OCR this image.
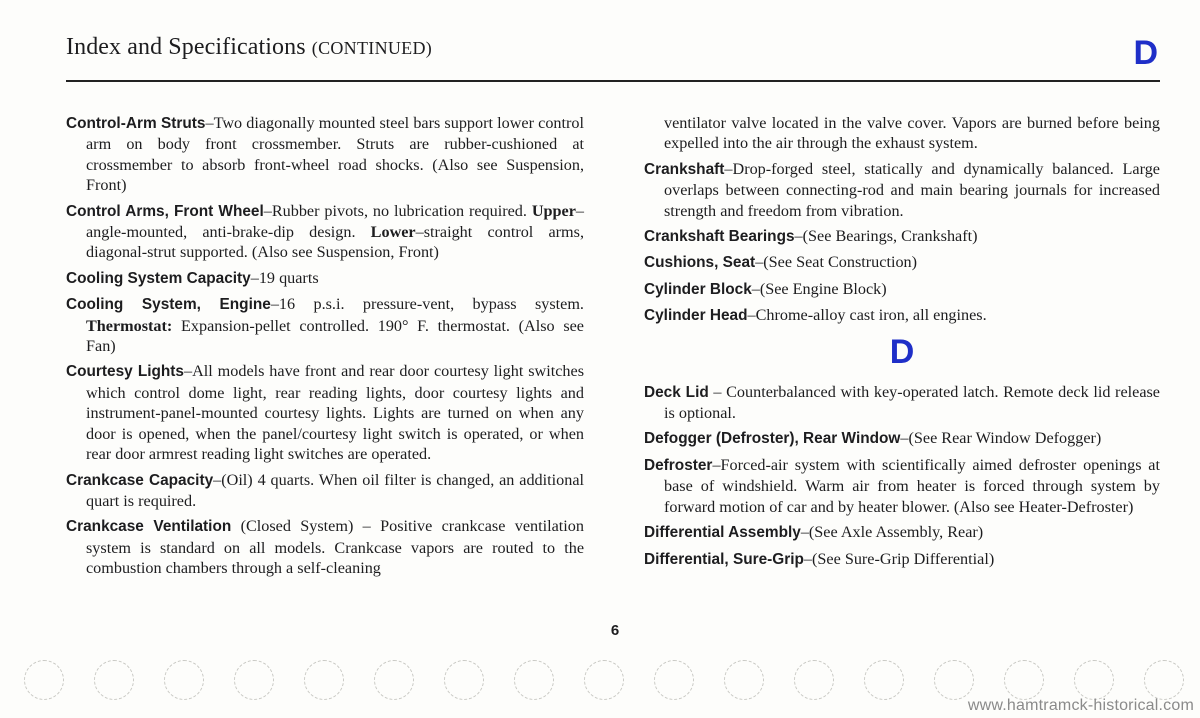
Index and Specifications (CONTINUED)	D

Control-Arm Struts–Two diagonally mounted steel bars support lower control arm on body front crossmember. Struts are rubber-cushioned at crossmember to absorb front-wheel road shocks. (Also see Suspension, Front)

Control Arms, Front Wheel–Rubber pivots, no lubrication required. Upper–angle-mounted, anti-brake-dip design. Lower–straight control arms, diagonal-strut supported. (Also see Suspension, Front)

Cooling System Capacity–19 quarts

Cooling System, Engine–16 p.s.i. pressure-vent, bypass system. Thermostat: Expansion-pellet controlled. 190° F. thermostat. (Also see Fan)

Courtesy Lights–All models have front and rear door courtesy light switches which control dome light, rear reading lights, door courtesy lights and instrument-panel-mounted courtesy lights. Lights are turned on when any door is opened, when the panel/courtesy light switch is operated, or when rear door armrest reading light switches are operated.

Crankcase Capacity–(Oil) 4 quarts. When oil filter is changed, an additional quart is required.

Crankcase Ventilation (Closed System) – Positive crankcase ventilation system is standard on all models. Crankcase vapors are routed to the combustion chambers through a self-cleaning

ventilator valve located in the valve cover. Vapors are burned before being expelled into the air through the exhaust system.

Crankshaft–Drop-forged steel, statically and dynamically balanced. Large overlaps between connecting-rod and main bearing journals for increased strength and freedom from vibration.

Crankshaft Bearings–(See Bearings, Crankshaft)

Cushions, Seat–(See Seat Construction)

Cylinder Block–(See Engine Block)

Cylinder Head–Chrome-alloy cast iron, all engines.

D

Deck Lid – Counterbalanced with key-operated latch. Remote deck lid release is optional.

Defogger (Defroster), Rear Window–(See Rear Window Defogger)

Defroster–Forced-air system with scientifically aimed defroster openings at base of windshield. Warm air from heater is forced through system by forward motion of car and by heater blower. (Also see Heater-Defroster)

Differential Assembly–(See Axle Assembly, Rear)

Differential, Sure-Grip–(See Sure-Grip Differential)

6
www.hamtramck-historical.com
